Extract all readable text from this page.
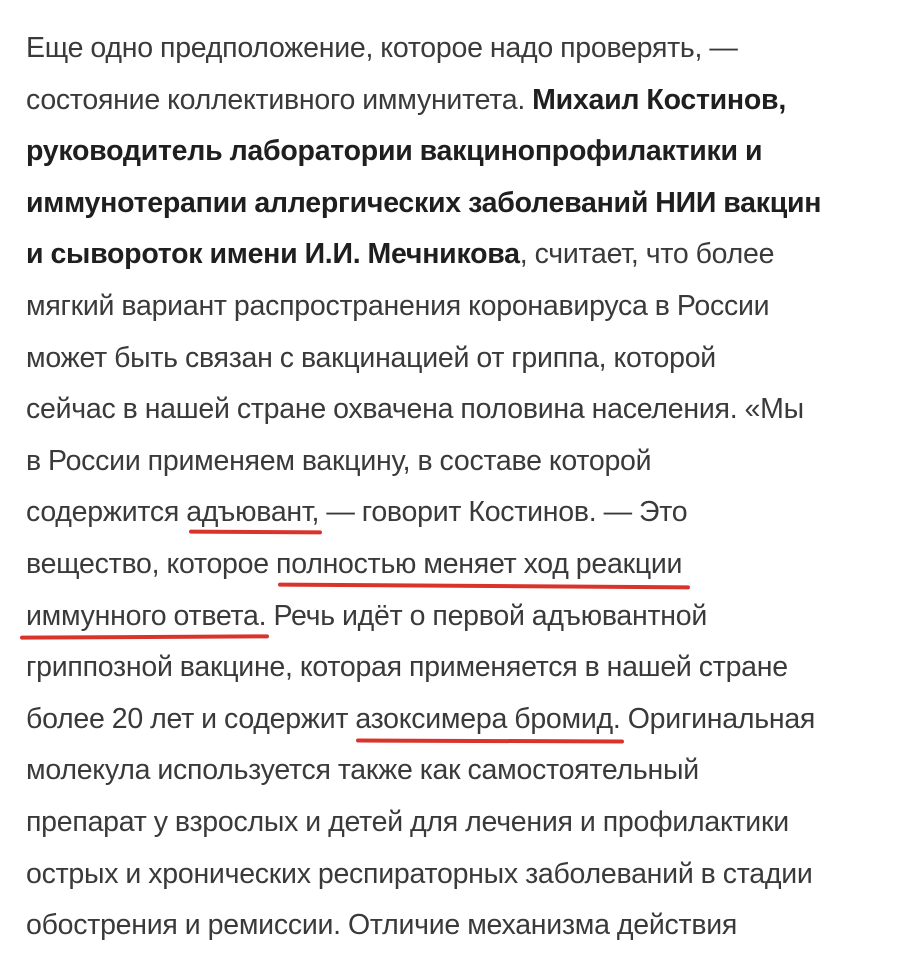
Еще одно предположение, которое надо проверять, —
состояние коллективного иммунитета. Михаил Костинов,
руководитель лаборатории вакцинопрофилактики и
иммунотерапии аллергических заболеваний НИИ вакцин
и сывороток имени И.И. Мечникова, считает, что более
мягкий вариант распространения коронавируса в России
может быть связан с вакцинацией от гриппа, которой
сейчас в нашей стране охвачена половина населения. «Мы
в России применяем вакцину, в составе которой
содержится адъювант, — говорит Костинов. — Это
вещество, которое полностью меняет ход реакции
иммунного ответа
. Речь идёт о первой адъювантной
гриппозной вакцине, которая применяется в нашей стране
более 20 лет и содержит азоксимера бромид. Оригинальная
молекула используется также как самостоятельный
препарат у взрослых и детей для лечения и профилактики
острых и хронических респираторных заболеваний в стадии
обострения и ремиссии. Отличие механизма действия
